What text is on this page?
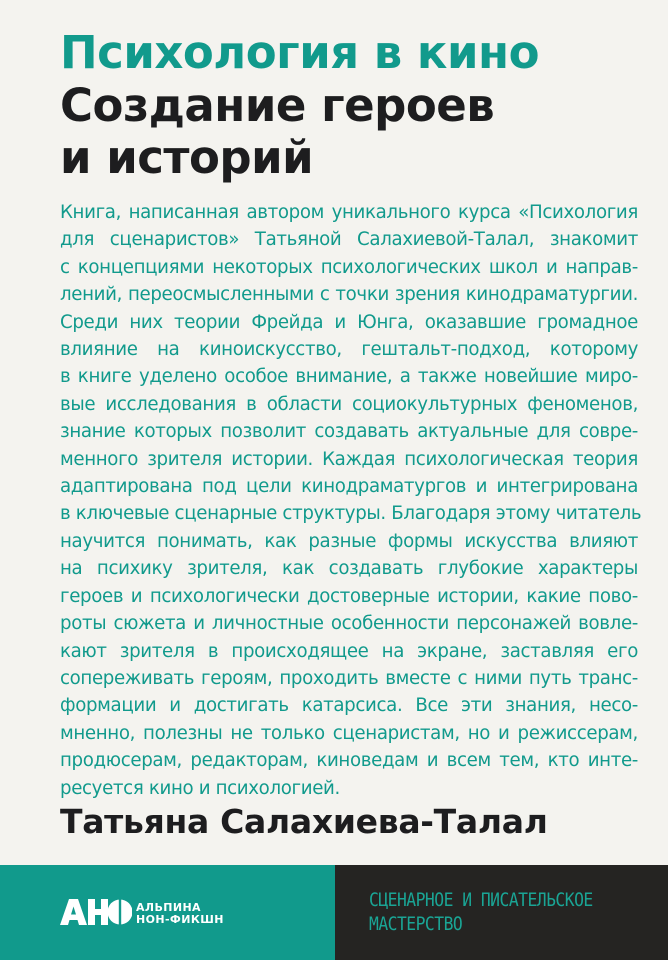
Психология в кино
Создание героев
и историй
Книга, написанная автором уникального курса «Психология
для сценаристов» Татьяной Салахиевой-Талал, знакомит
с концепциями некоторых психологических школ и направ-
лений, переосмысленными с точки зрения кинодраматургии.
Среди них теории Фрейда и Юнга, оказавшие громадное
влияние на киноискусство, гештальт-подход, которому
в книге уделено особое внимание, а также новейшие миро-
вые исследования в области социокультурных феноменов,
знание которых позволит создавать актуальные для совре-
менного зрителя истории. Каждая психологическая теория
адаптирована под цели кинодраматургов и интегрирована
в ключевые сценарные структуры. Благодаря этому читатель
научится понимать, как разные формы искусства влияют
на психику зрителя, как создавать глубокие характеры
героев и психологически достоверные истории, какие пово-
роты сюжета и личностные особенности персонажей вовле-
кают зрителя в происходящее на экране, заставляя его
сопереживать героям, проходить вместе с ними путь транс-
формации и достигать катарсиса. Все эти знания, несо-
мненно, полезны не только сценаристам, но и режиссерам,
продюсерам, редакторам, киноведам и всем тем, кто инте-
ресуется кино и психологией.
Татьяна Салахиева-Талал
АЛЬПИНА
НОН-ФИКШН
СЦЕНАРНОЕ И ПИСАТЕЛЬСКОЕ
МАСТЕРСТВО
